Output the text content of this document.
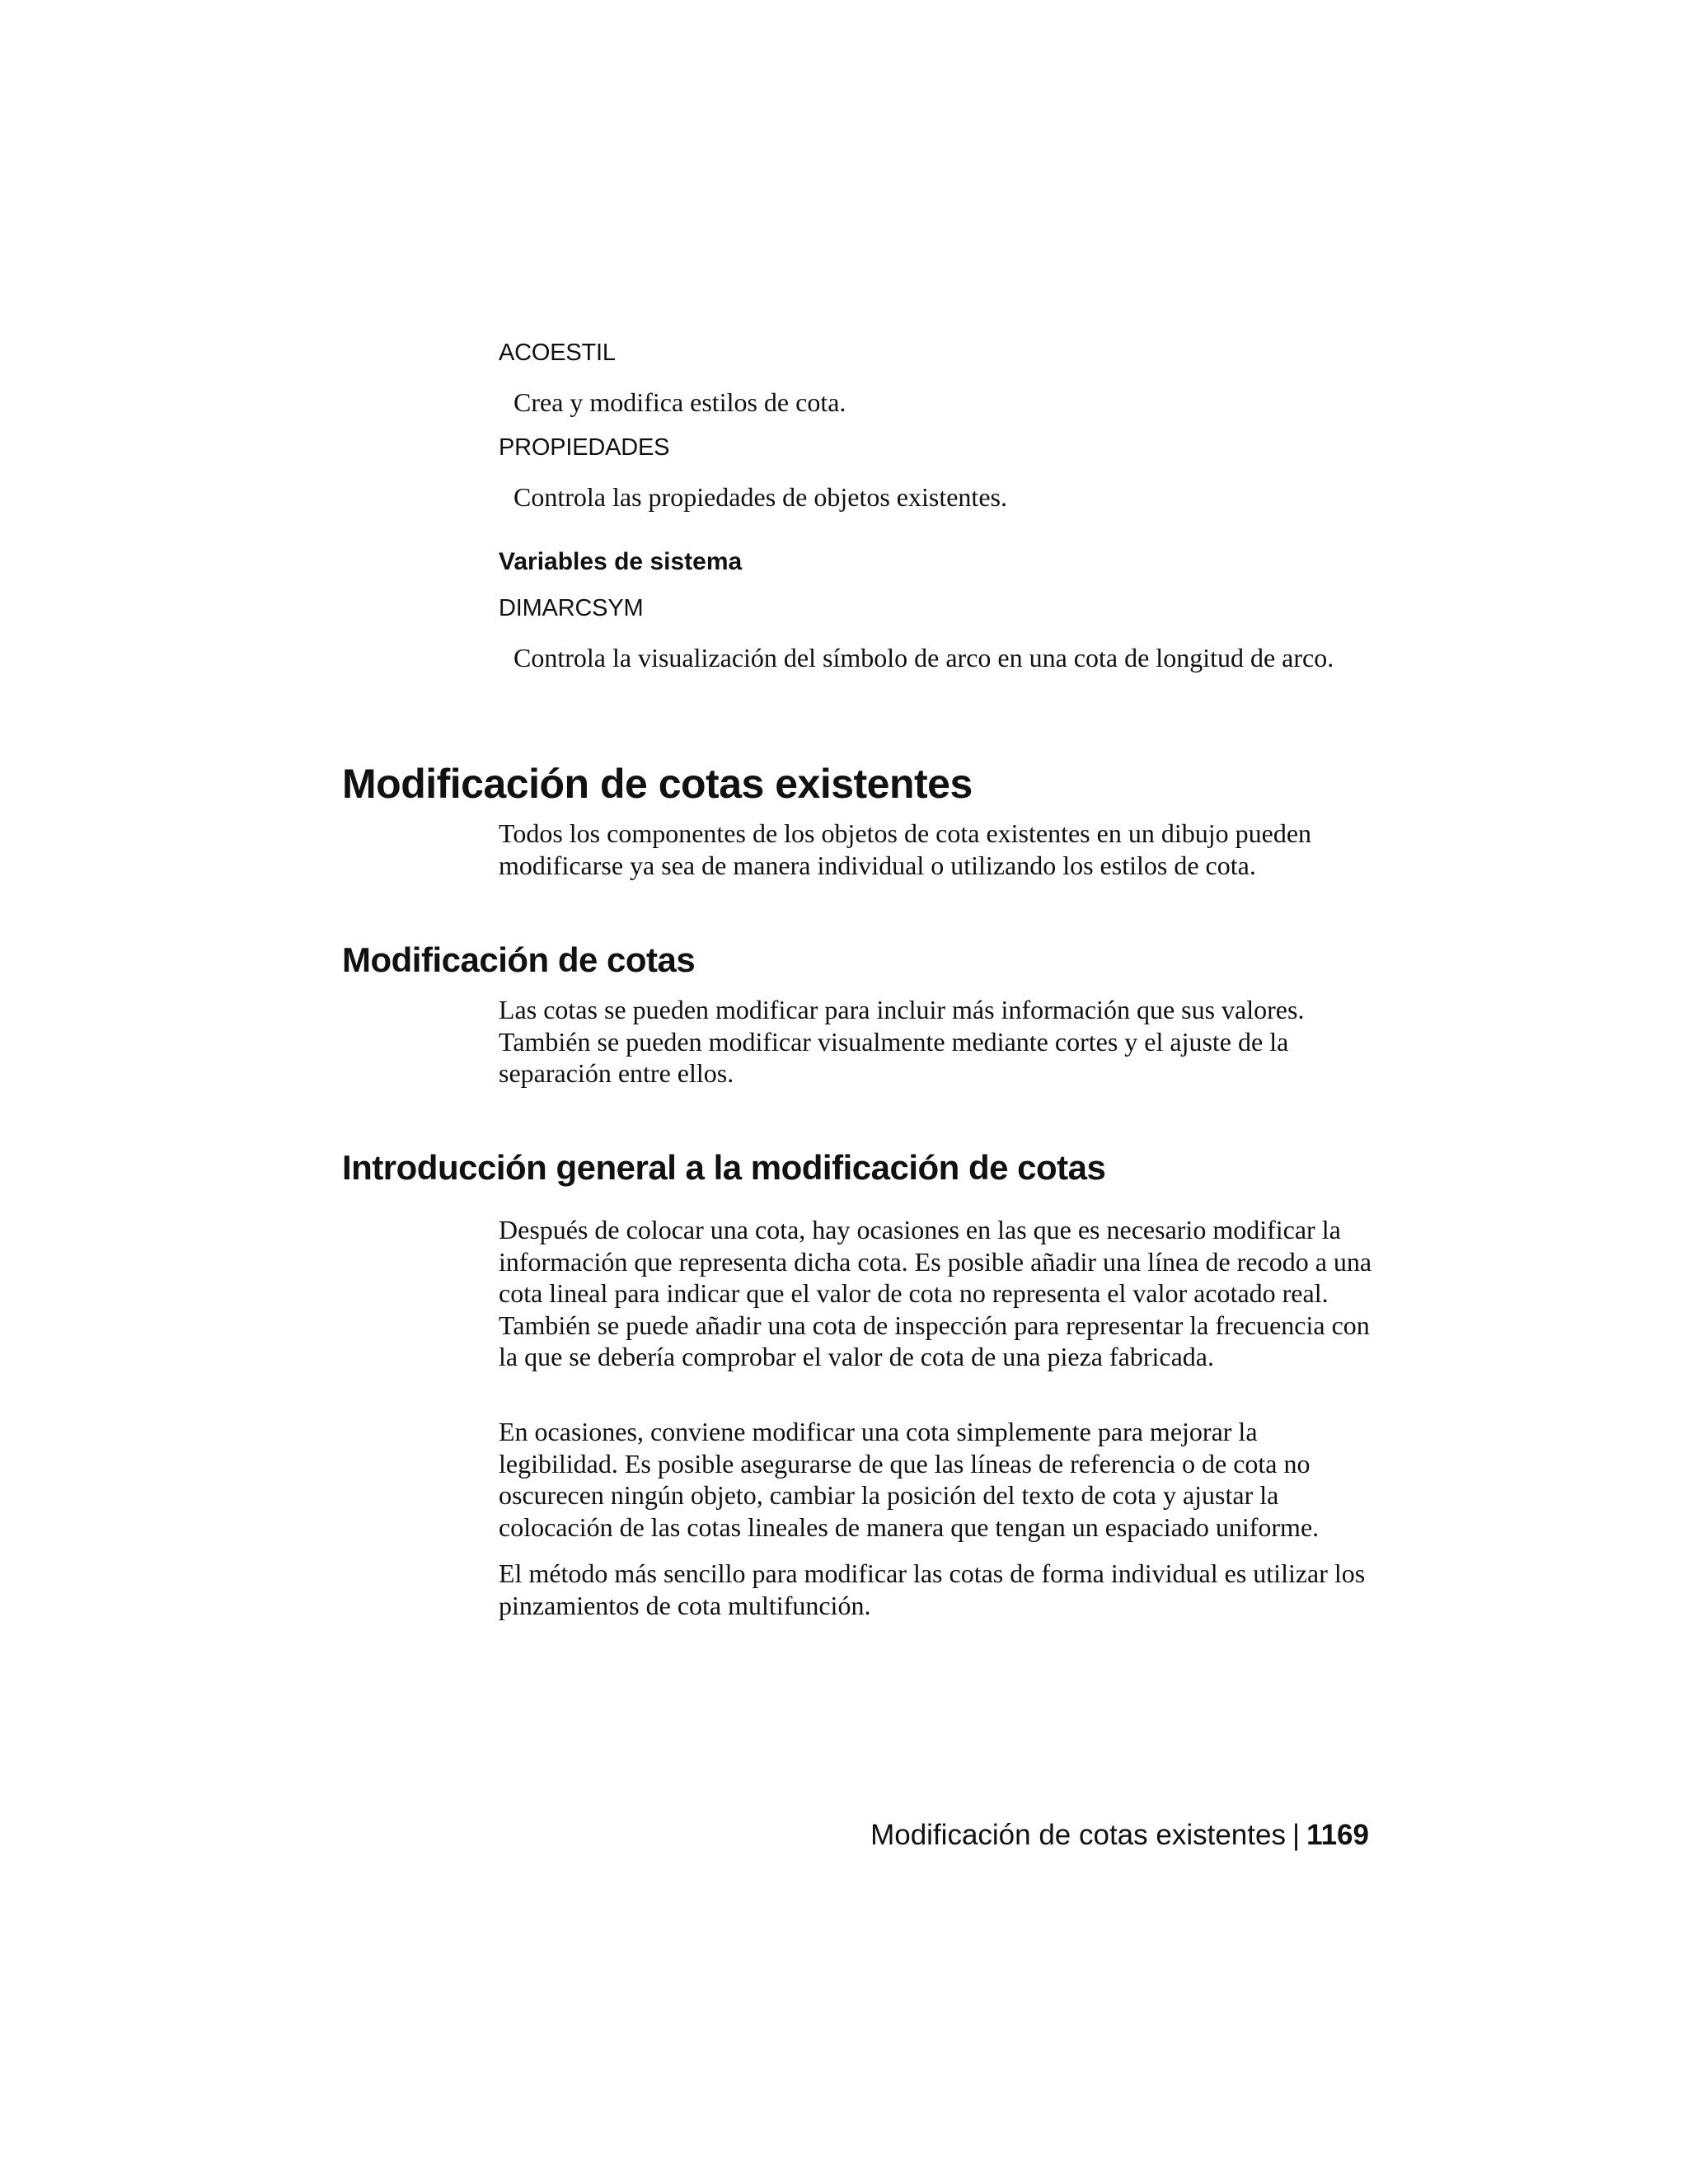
ACOESTIL
Crea y modifica estilos de cota.
PROPIEDADES
Controla las propiedades de objetos existentes.
Variables de sistema
DIMARCSYM
Controla la visualización del símbolo de arco en una cota de longitud de arco.
Modificación de cotas existentes

Todos los componentes de los objetos de cota existentes en un dibujo pueden modificarse ya sea de manera individual o utilizando los estilos de cota.

Modificación de cotas

Las cotas se pueden modificar para incluir más información que sus valores. También se pueden modificar visualmente mediante cortes y el ajuste de la separación entre ellos.

Introducción general a la modificación de cotas

Después de colocar una cota, hay ocasiones en las que es necesario modificar la información que representa dicha cota. Es posible añadir una línea de recodo a una cota lineal para indicar que el valor de cota no representa el valor acotado real. También se puede añadir una cota de inspección para representar la frecuencia con la que se debería comprobar el valor de cota de una pieza fabricada.

En ocasiones, conviene modificar una cota simplemente para mejorar la legibilidad. Es posible asegurarse de que las líneas de referencia o de cota no oscurecen ningún objeto, cambiar la posición del texto de cota y ajustar la colocación de las cotas lineales de manera que tengan un espaciado uniforme.

El método más sencillo para modificar las cotas de forma individual es utilizar los pinzamientos de cota multifunción.

Modificación de cotas existentes | 1169
